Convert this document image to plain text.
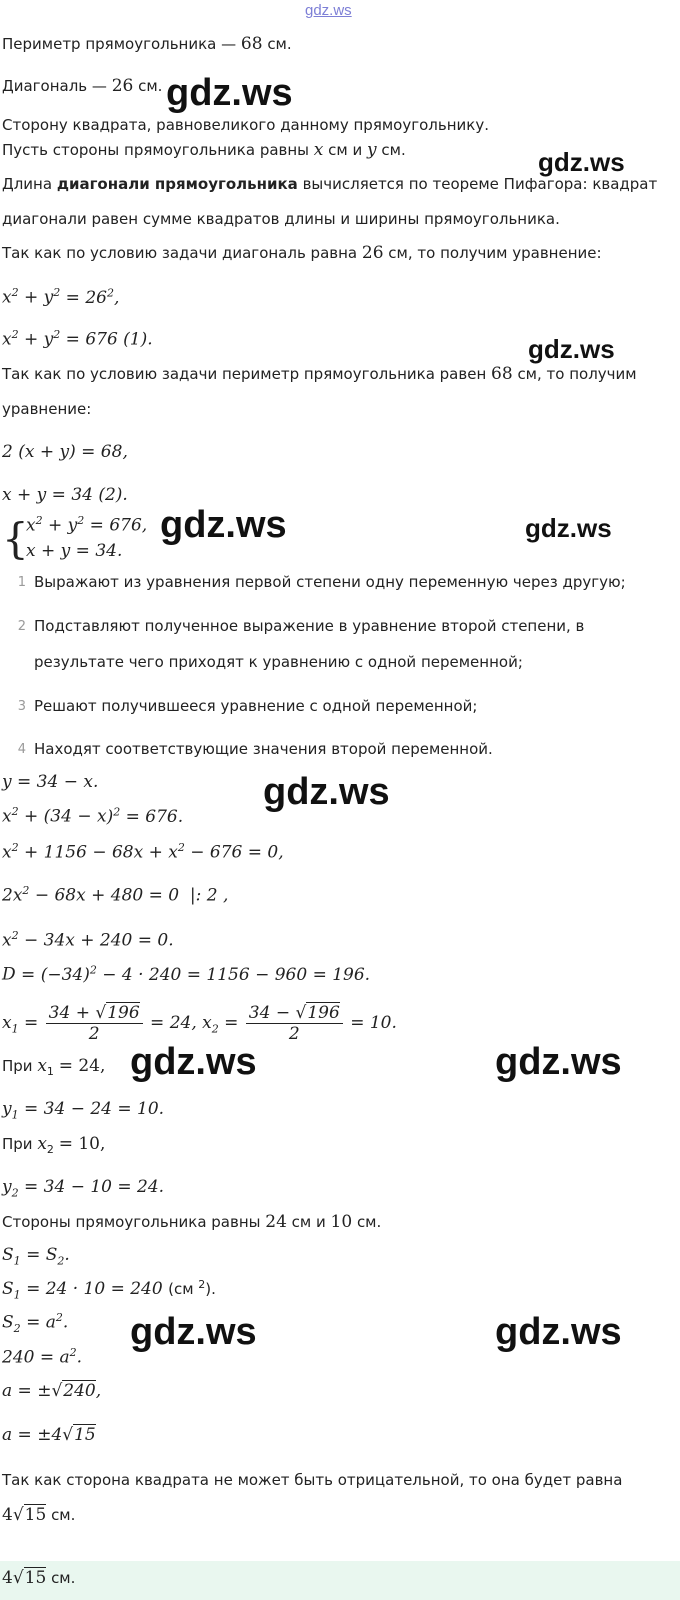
gdz.ws
Периметр прямоугольника — 68 см.
Диагональ — 26 см.
Сторону квадрата, равновеликого данному прямоугольнику.
Пусть стороны прямоугольника равны x см и y см.
Длина диагонали прямоугольника вычисляется по теореме Пифагора: квадрат
диагонали равен сумме квадратов длины и ширины прямоугольника.
Так как по условию задачи диагональ равна 26 см, то получим уравнение:
$x^2 + y^2 = 26^2$,
$x^2 + y^2 = 676$ (1).
Так как по условию задачи периметр прямоугольника равен 68 см, то получим
уравнение:
2 (x + y) = 68,
x + y = 34 (2).
{
$x^2 + y^2 = 676$,
x + y = 34.
1 Выражают из уравнения первой степени одну переменную через другую;
2 Подставляют полученное выражение в уравнение второй степени, в
результате чего приходят к уравнению с одной переменной;
3 Решают получившееся уравнение с одной переменной;
4 Находят соответствующие значения второй переменной.
y = 34 − x.
$x^2 + (34 - x)^2 = 676$.
$x^2 + 1156 - 68x + x^2 - 676 = 0$,
$2x^2 - 68x + 480 = 0$  |: 2 ,
$x^2 - 34x + 240 = 0$.
$D = (-34)^2 - 4 \cdot 240 = 1156 - 960 = 196$.
$x_1 = \frac{34 + √196}{2} = 24$, $x_2 = \frac{34 - √196}{2} = 10$.
При $x_1 = 24$,
$y_1 = 34 - 24 = 10$.
При $x_2 = 10$,
$y_2 = 34 - 10 = 24$.
Стороны прямоугольника равны 24 см и 10 см.
$S_1 = S_2$.
$S_1 = 24 \cdot 10 = 240$ (см $^2$).
$S_2 = a^2$.
$240 = a^2$.
a = ±√240,
a = ±4√15
Так как сторона квадрата не может быть отрицательной, то она будет равна
4√15 см.
4√15 см.
gdz.ws
gdz.ws
gdz.ws
gdz.ws	gdz.ws
gdz.ws
gdz.ws	gdz.ws
gdz.ws	gdz.ws
